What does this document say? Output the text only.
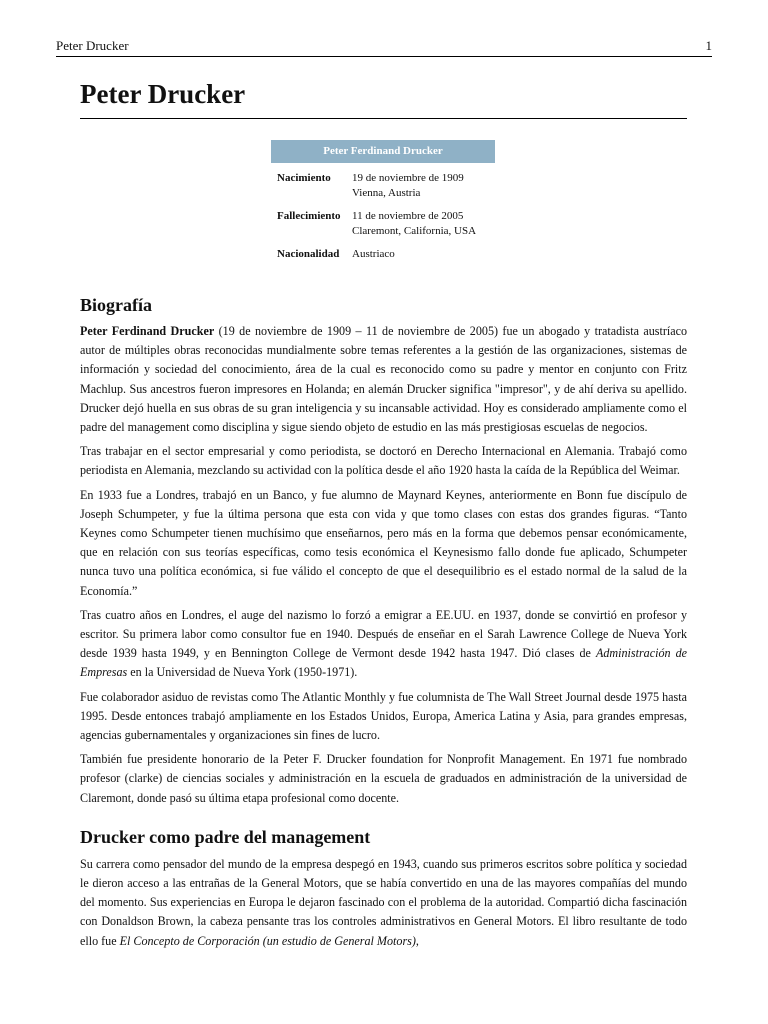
Peter Drucker	1
Peter Drucker
Peter Ferdinand Drucker
Nacimiento	19 de noviembre de 1909
Vienna, Austria
Fallecimiento	11 de noviembre de 2005
Claremont, California, USA
Nacionalidad	Austriaco
Biografía

Peter Ferdinand Drucker (19 de noviembre de 1909 – 11 de noviembre de 2005) fue un abogado y tratadista austríaco autor de múltiples obras reconocidas mundialmente sobre temas referentes a la gestión de las organizaciones, sistemas de información y sociedad del conocimiento, área de la cual es reconocido como su padre y mentor en conjunto con Fritz Machlup. Sus ancestros fueron impresores en Holanda; en alemán Drucker significa "impresor", y de ahí deriva su apellido. Drucker dejó huella en sus obras de su gran inteligencia y su incansable actividad. Hoy es considerado ampliamente como el padre del management como disciplina y sigue siendo objeto de estudio en las más prestigiosas escuelas de negocios.

Tras trabajar en el sector empresarial y como periodista, se doctoró en Derecho Internacional en Alemania. Trabajó como periodista en Alemania, mezclando su actividad con la política desde el año 1920 hasta la caída de la República del Weimar.

En 1933 fue a Londres, trabajó en un Banco, y fue alumno de Maynard Keynes, anteriormente en Bonn fue discípulo de Joseph Schumpeter, y fue la última persona que esta con vida y que tomo clases con estas dos grandes figuras. “Tanto Keynes como Schumpeter tienen muchísimo que enseñarnos, pero más en la forma que debemos pensar económicamente, que en relación con sus teorías específicas, como tesis económica el Keynesismo fallo donde fue aplicado, Schumpeter nunca tuvo una política económica, si fue válido el concepto de que el desequilibrio es el estado normal de la salud de la Economía.”

Tras cuatro años en Londres, el auge del nazismo lo forzó a emigrar a EE.UU. en 1937, donde se convirtió en profesor y escritor. Su primera labor como consultor fue en 1940. Después de enseñar en el Sarah Lawrence College de Nueva York desde 1939 hasta 1949, y en Bennington College de Vermont desde 1942 hasta 1947. Dió clases de Administración de Empresas en la Universidad de Nueva York (1950-1971).

Fue colaborador asiduo de revistas como The Atlantic Monthly y fue columnista de The Wall Street Journal desde 1975 hasta 1995. Desde entonces trabajó ampliamente en los Estados Unidos, Europa, America Latina y Asia, para grandes empresas, agencias gubernamentales y organizaciones sin fines de lucro.

También fue presidente honorario de la Peter F. Drucker foundation for Nonprofit Management. En 1971 fue nombrado profesor (clarke) de ciencias sociales y administración en la escuela de graduados en administración de la universidad de Claremont, donde pasó su última etapa profesional como docente.

Drucker como padre del management

Su carrera como pensador del mundo de la empresa despegó en 1943, cuando sus primeros escritos sobre política y sociedad le dieron acceso a las entrañas de la General Motors, que se había convertido en una de las mayores compañías del mundo del momento. Sus experiencias en Europa le dejaron fascinado con el problema de la autoridad. Compartió dicha fascinación con Donaldson Brown, la cabeza pensante tras los controles administrativos en General Motors. El libro resultante de todo ello fue El Concepto de Corporación (un estudio de General Motors),
